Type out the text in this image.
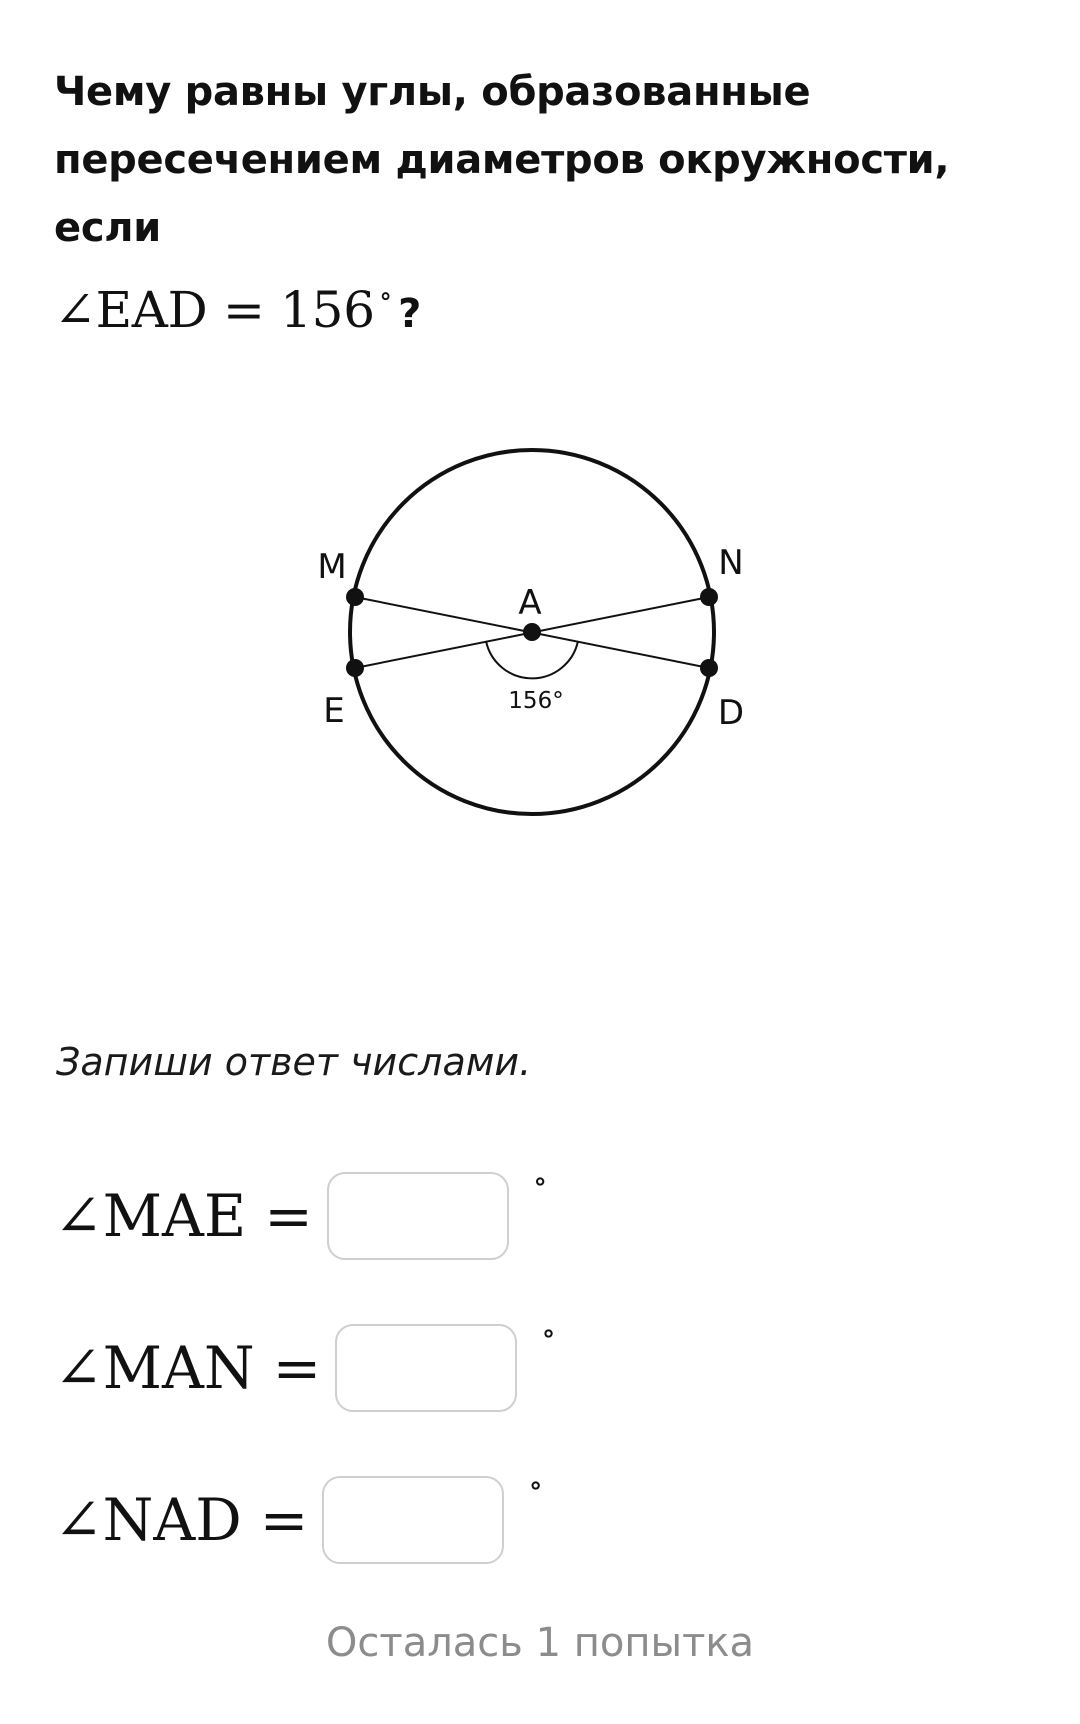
Чему равны углы, образованные пересечением диаметров окружности, если
∠EAD = 156 ∘ ?
M	N
A
E	D
156°
Запиши ответ числами.
∠MAE =
∘
∠MAN =
∘
∠NAD =
∘
Осталась 1 попытка
